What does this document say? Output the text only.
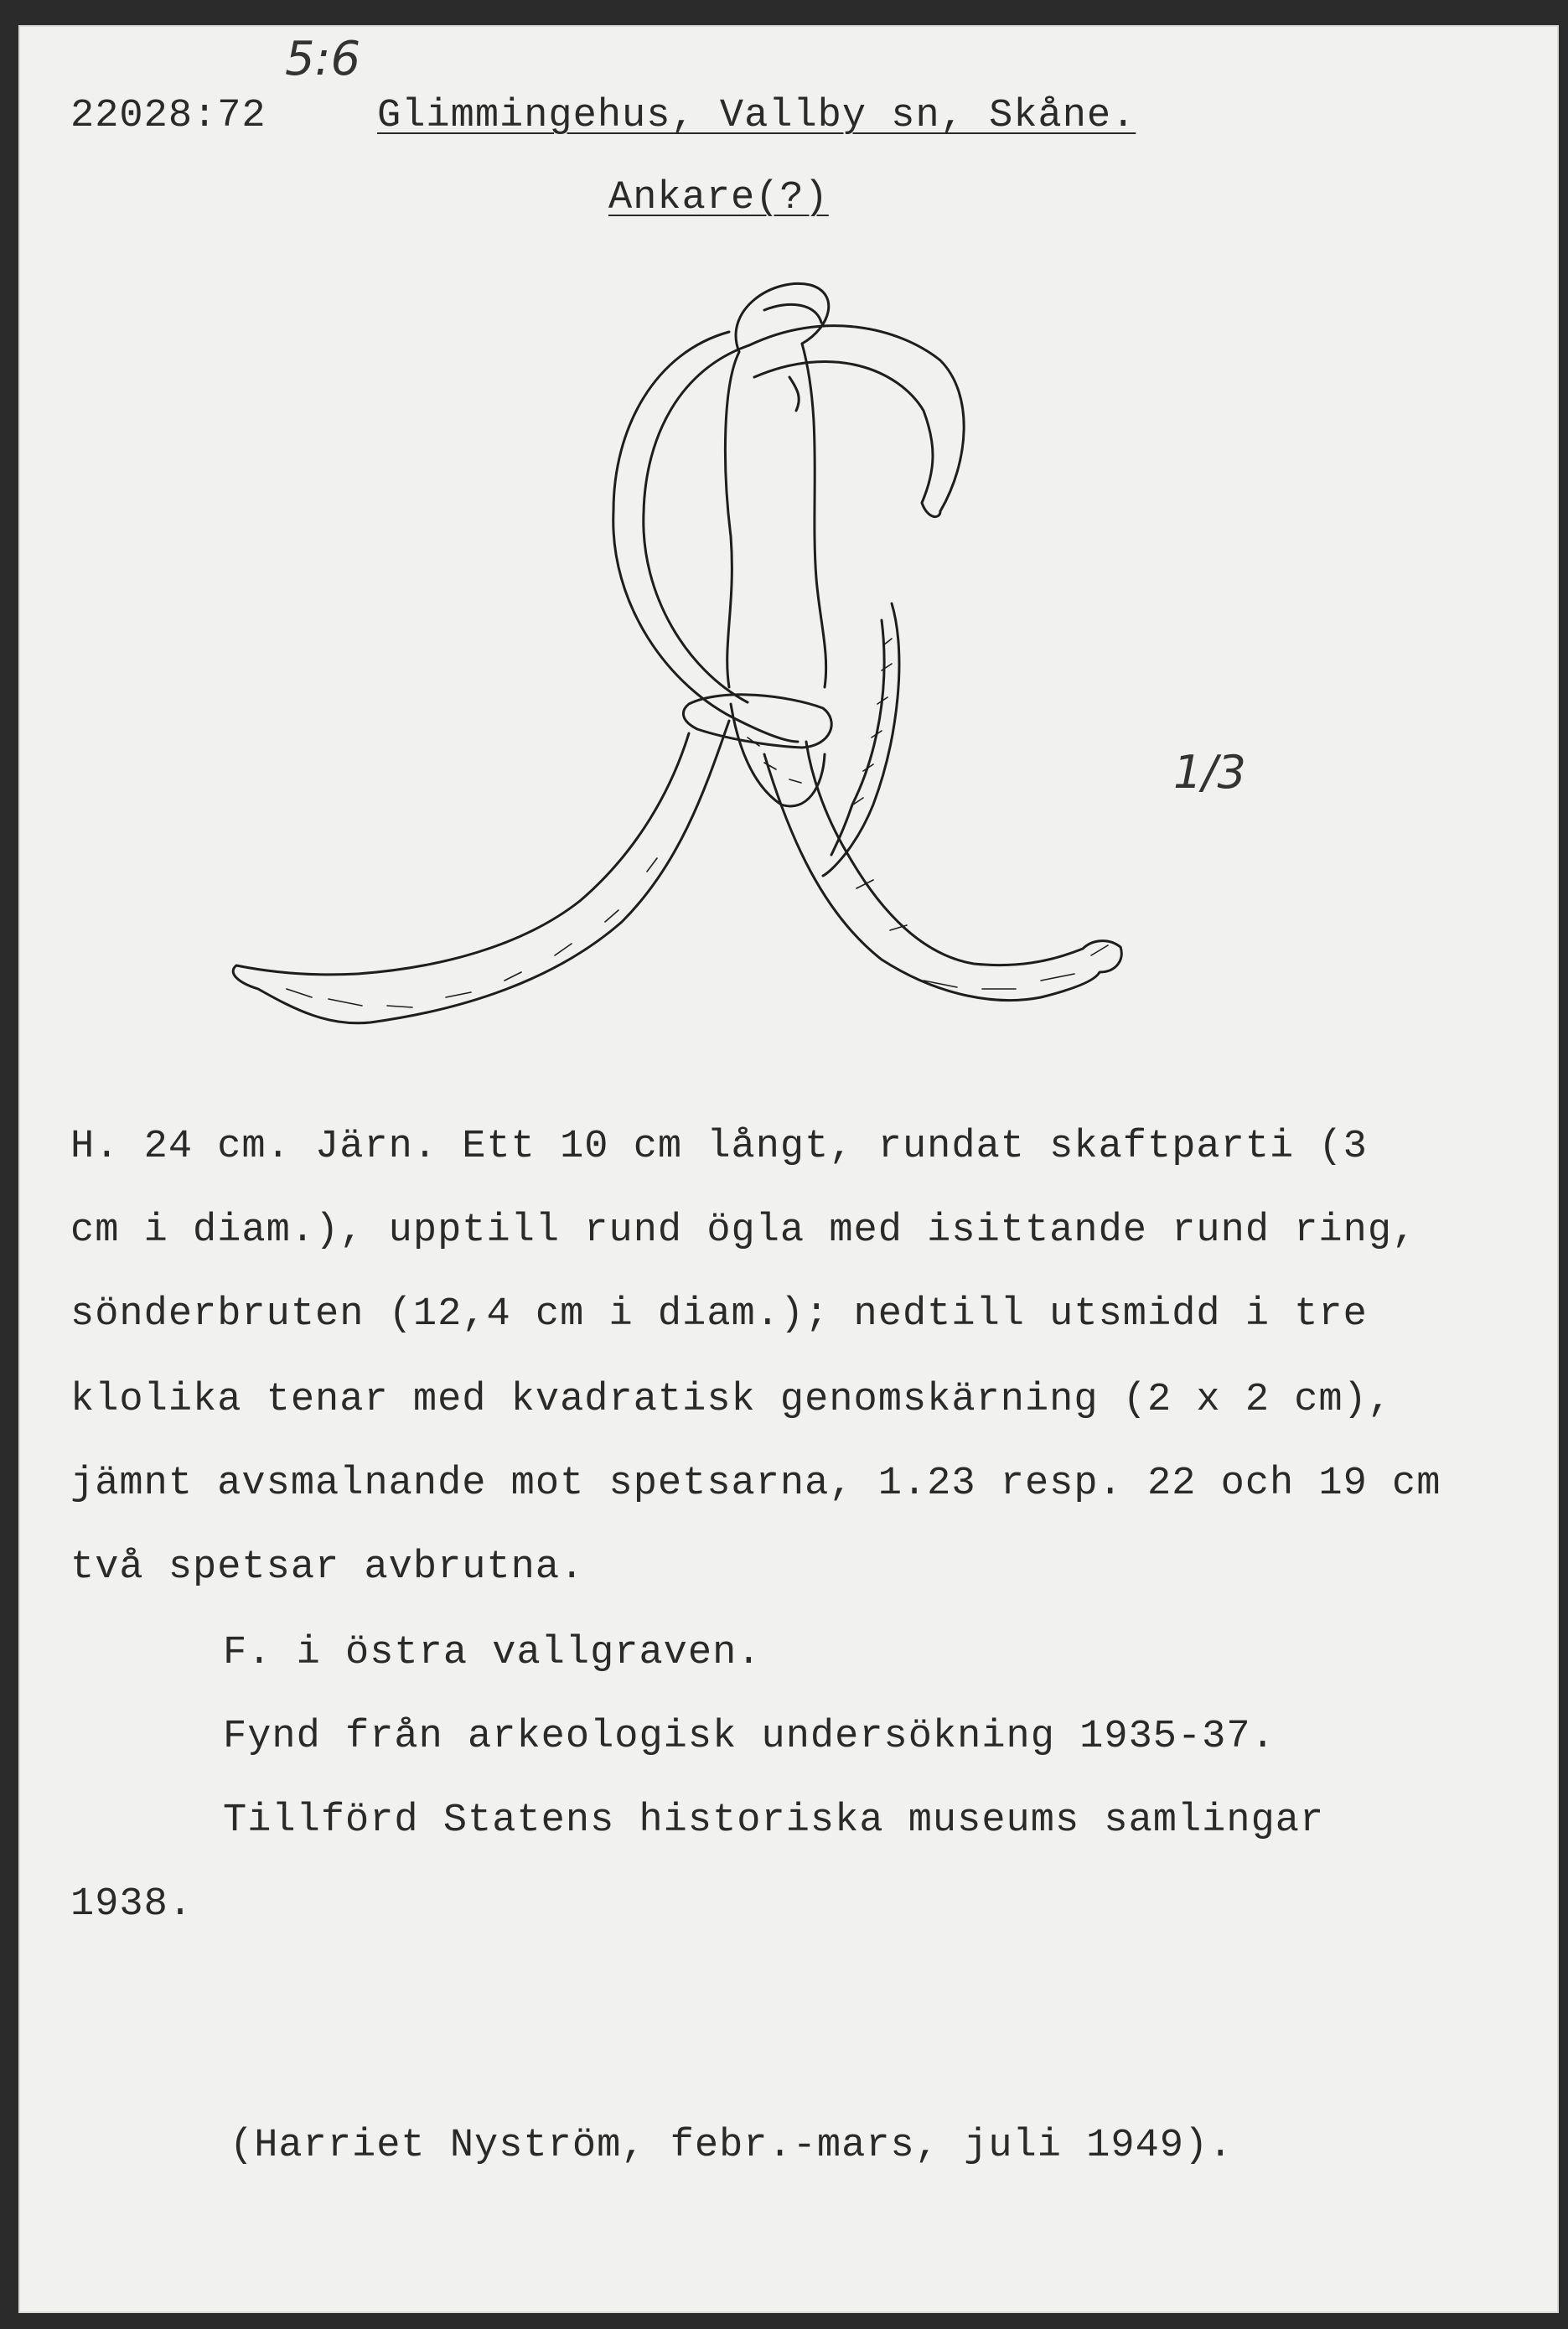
5:6
22028:72	Glimmingehus, Vallby sn, Skåne.
Ankare(?)
1/3
H. 24 cm. Järn. Ett 10 cm långt, rundat skaftparti (3
cm i diam.), upptill rund ögla med isittande rund ring,
sönderbruten (12,4 cm i diam.); nedtill utsmidd i tre
klolika tenar med kvadratisk genomskärning (2 x 2 cm),
jämnt avsmalnande mot spetsarna, 1.23 resp. 22 och 19 cm
två spetsar avbrutna.
F. i östra vallgraven.
Fynd från arkeologisk undersökning 1935-37.
Tillförd Statens historiska museums samlingar
1938.
(Harriet Nyström, febr.-mars, juli 1949).
